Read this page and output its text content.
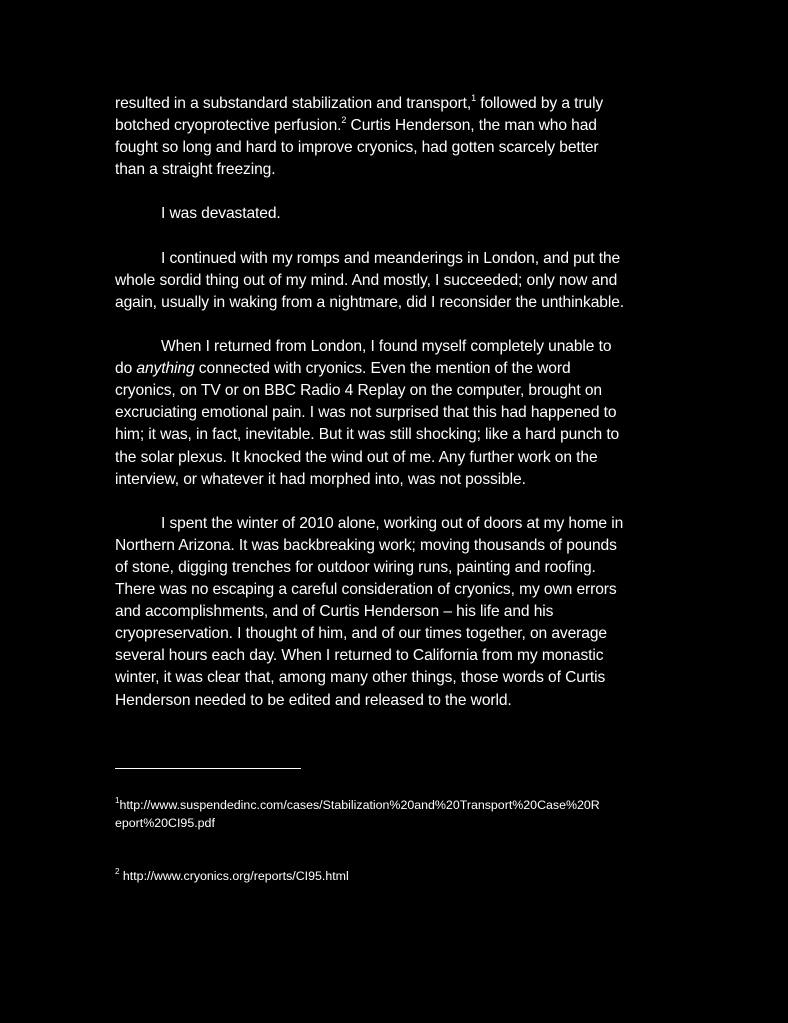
resulted in a substandard stabilization and transport,$^1$ followed by a truly
botched cryoprotective perfusion.$^2$ Curtis Henderson, the man who had
fought so long and hard to improve cryonics, had gotten scarcely better
than a straight freezing.
I was devastated.
I continued with my romps and meanderings in London, and put the
whole sordid thing out of my mind. And mostly, I succeeded; only now and
again, usually in waking from a nightmare, did I reconsider the unthinkable.
When I returned from London, I found myself completely unable to
do anything connected with cryonics. Even the mention of the word
cryonics, on TV or on BBC Radio 4 Replay on the computer, brought on
excruciating emotional pain. I was not surprised that this had happened to
him; it was, in fact, inevitable. But it was still shocking; like a hard punch to
the solar plexus. It knocked the wind out of me. Any further work on the
interview, or whatever it had morphed into, was not possible.
I spent the winter of 2010 alone, working out of doors at my home in
Northern Arizona. It was backbreaking work; moving thousands of pounds
of stone, digging trenches for outdoor wiring runs, painting and roofing.
There was no escaping a careful consideration of cryonics, my own errors
and accomplishments, and of Curtis Henderson – his life and his
cryopreservation. I thought of him, and of our times together, on average
several hours each day. When I returned to California from my monastic
winter, it was clear that, among many other things, those words of Curtis
Henderson needed to be edited and released to the world.
$^1$http://www.suspendedinc.com/cases/Stabilization%20and%20Transport%20Case%20R
eport%20CI95.pdf
$^2$ http://www.cryonics.org/reports/CI95.html
